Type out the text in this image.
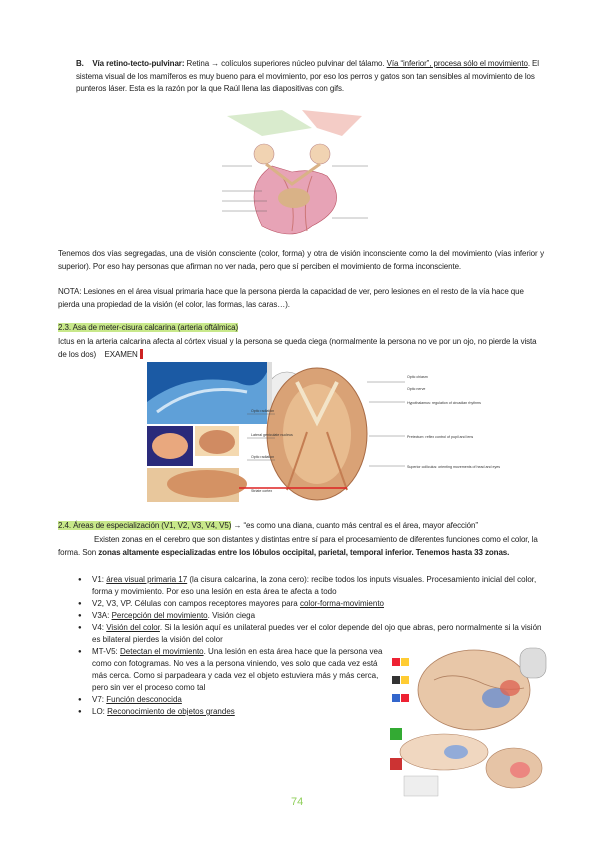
B. Vía retino-tecto-pulvinar: Retina → colículos superiores núcleo pulvinar del tálamo. Vía “inferior”, procesa sólo el movimiento. El sistema visual de los mamíferos es muy bueno para el movimiento, por eso los perros y gatos son tan sensibles al movimiento de los punteros láser. Esta es la razón por la que Raúl llena las diapositivas con gifs.
Tenemos dos vías segregadas, una de visión consciente (color, forma) y otra de visión inconsciente como la del movimiento (vías inferior y superior). Por eso hay personas que afirman no ver nada, pero que sí perciben el movimiento de forma inconsciente.
NOTA: Lesiones en el área visual primaria hace que la persona pierda la capacidad de ver, pero lesiones en el resto de la vía hace que pierda una propiedad de la visión (el color, las formas, las caras…).
2.3. Asa de meter-cisura calcarina (arteria oftálmica)
Ictus en la arteria calcarina afecta al córtex visual y la persona se queda ciega (normalmente la persona no ve por un ojo, no pierde la vista de los dos) EXAMEN
Optic chiasm
Optic radiation
Lateral geniculate nucleus
Optic radiation
Striate cortex
Optic nerve
Hypothalamus: regulation of circadian rhythms
Pretectum: reflex control of pupil and lens
Superior colliculus: orienting movements of head and eyes
2.4. Áreas de especialización (V1, V2, V3, V4, V5) → “es como una diana, cuanto más central es el área, mayor afección”
Existen zonas en el cerebro que son distantes y distintas entre sí para el procesamiento de diferentes funciones como el color, la forma. Son zonas altamente especializadas entre los lóbulos occipital, parietal, temporal inferior. Tenemos hasta 33 zonas.
● V1: área visual primaria 17 (la cisura calcarina, la zona cero): recibe todos los inputs visuales. Procesamiento inicial del color, forma y movimiento. Por eso una lesión en esta área te afecta a todo
● V2, V3, VP. Células con campos receptores mayores para color-forma-movimiento
● V3A: Percepción del movimiento. Visión ciega
● V4: Visión del color. Si la lesión aquí es unilateral puedes ver el color depende del ojo que abras, pero normalmente si la visión es bilateral pierdes la visión del color
● MT-V5: Detectan el movimiento. Una lesión en esta área hace que la persona vea como con fotogramas. No ves a la persona viniendo, ves solo que cada vez está más cerca. Como si parpadeara y cada vez el objeto estuviera más y más cerca, pero sin ver el proceso como tal
● V7: Función desconocida
● LO: Reconocimiento de objetos grandes
74
